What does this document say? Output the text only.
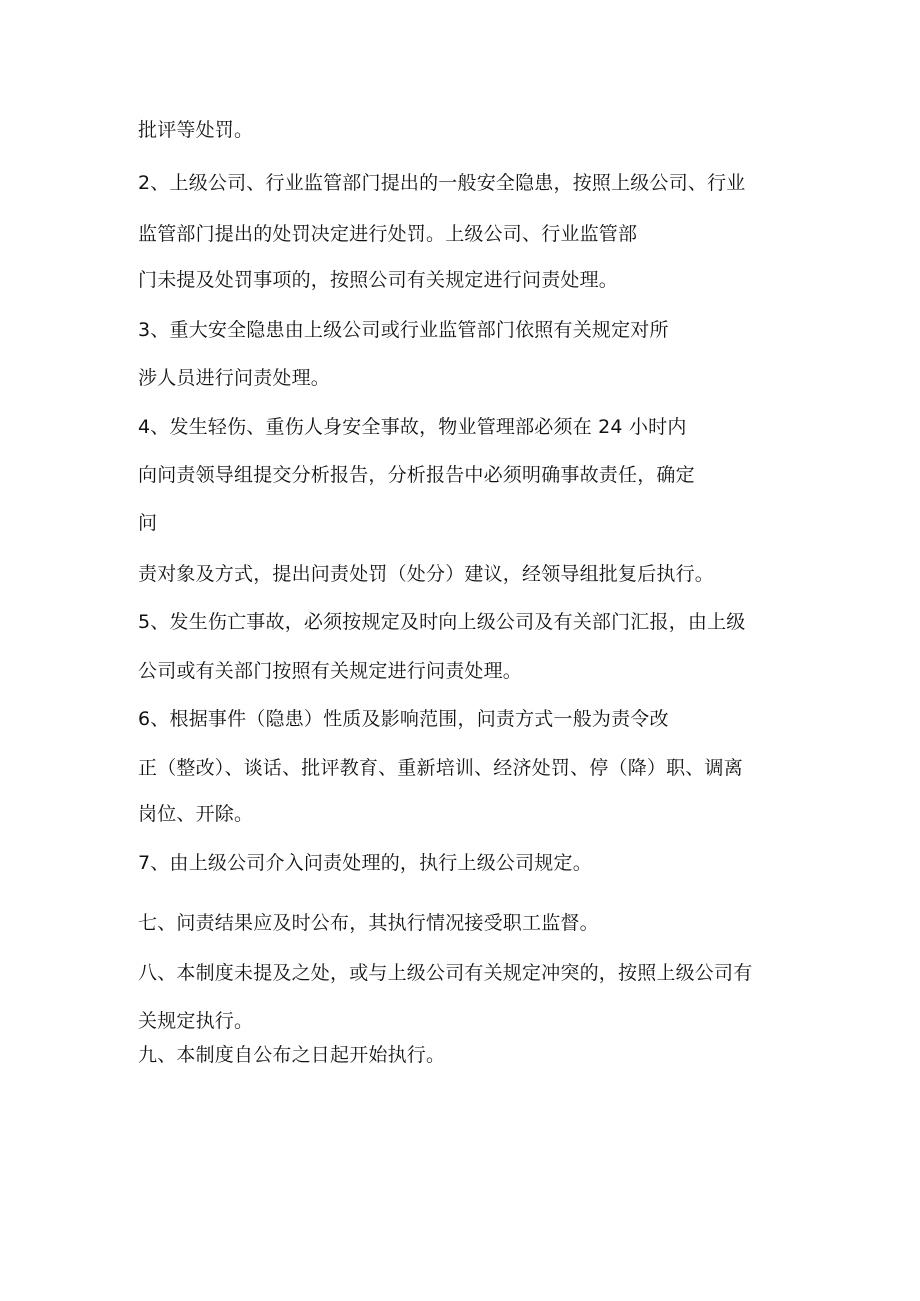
批评等处罚。
2、上级公司、行业监管部门提出的一般安全隐患，按照上级公司、行业
监管部门提出的处罚决定进行处罚。上级公司、行业监管部
门未提及处罚事项的，按照公司有关规定进行问责处理。
3、重大安全隐患由上级公司或行业监管部门依照有关规定对所
涉人员进行问责处理。
4、发生轻伤、重伤人身安全事故，物业管理部必须在 24 小时内
向问责领导组提交分析报告，分析报告中必须明确事故责任，确定
问
责对象及方式，提出问责处罚（处分）建议，经领导组批复后执行。
5、发生伤亡事故，必须按规定及时向上级公司及有关部门汇报，由上级
公司或有关部门按照有关规定进行问责处理。
6、根据事件（隐患）性质及影响范围，问责方式一般为责令改
正（整改）、谈话、批评教育、重新培训、经济处罚、停（降）职、调离
岗位、开除。
7、由上级公司介入问责处理的，执行上级公司规定。
七、问责结果应及时公布，其执行情况接受职工监督。
八、本制度未提及之处，或与上级公司有关规定冲突的，按照上级公司有
关规定执行。
九、本制度自公布之日起开始执行。
